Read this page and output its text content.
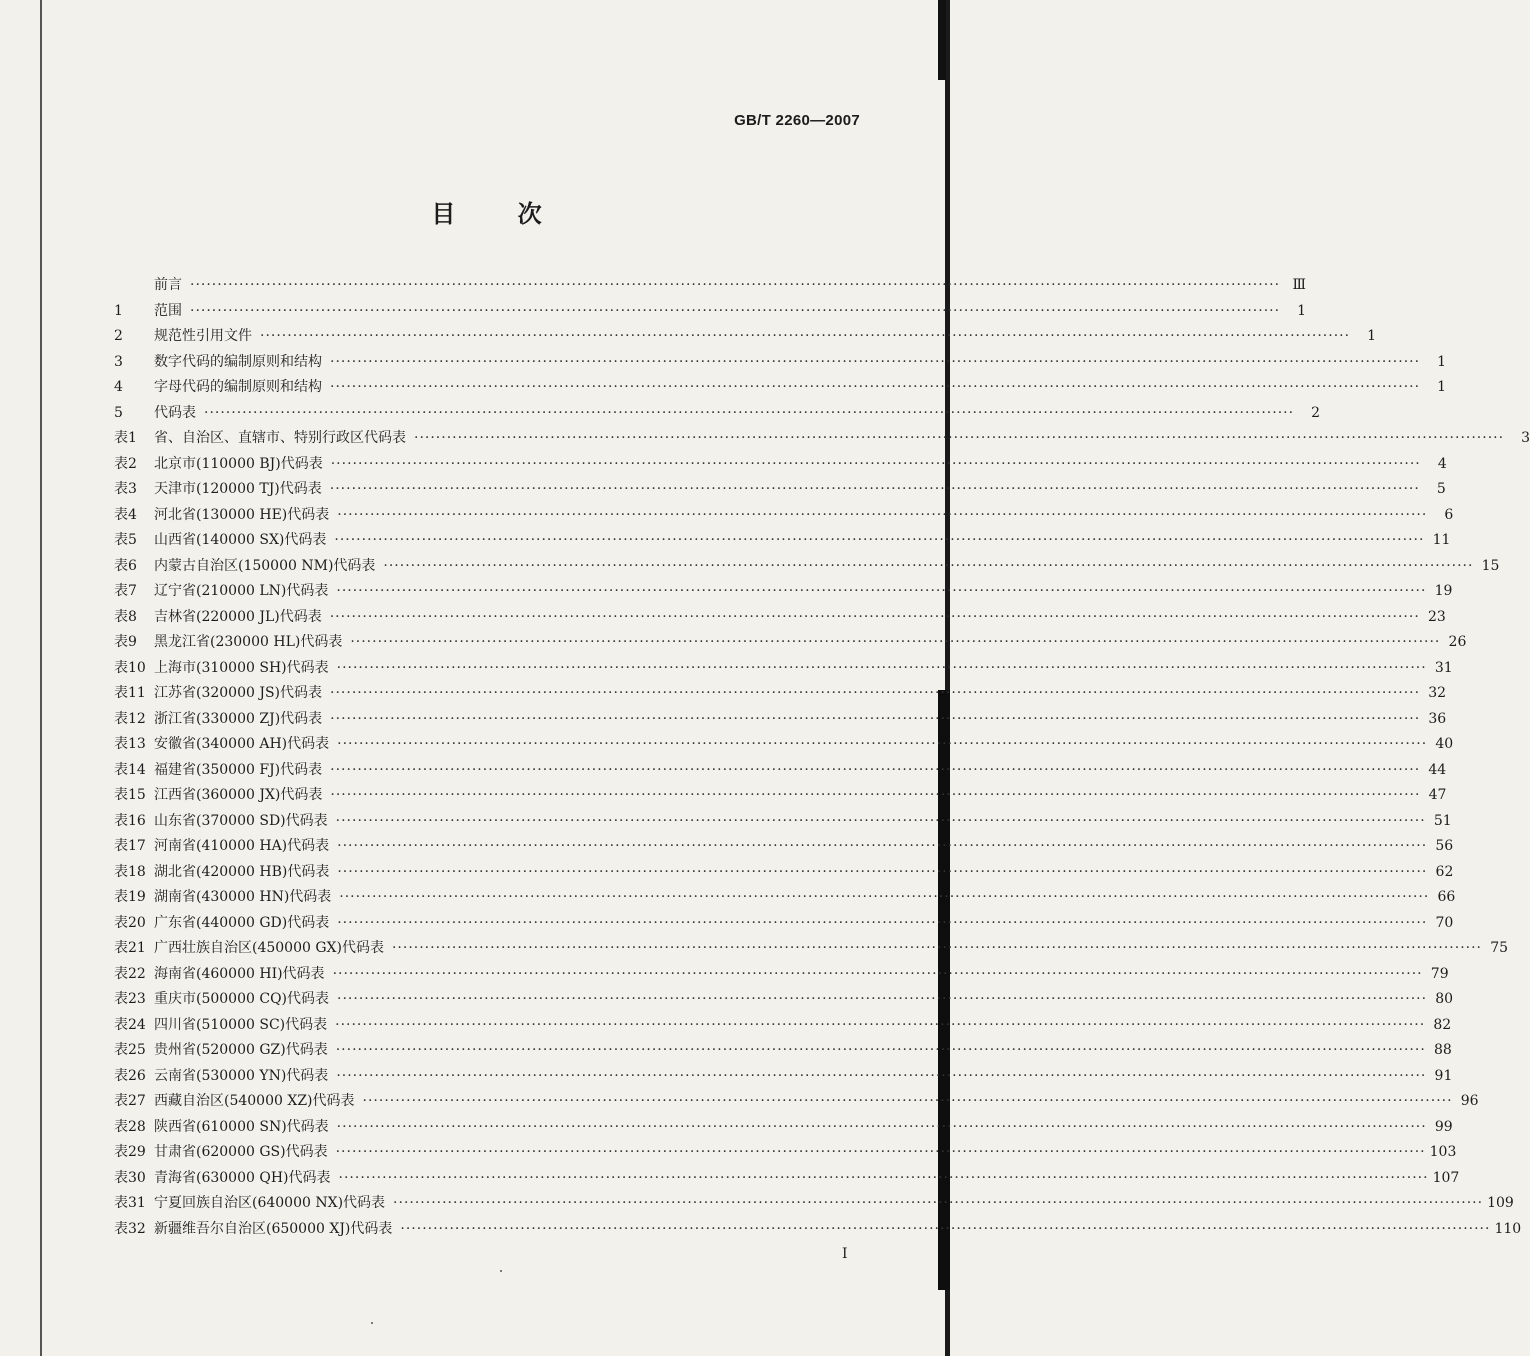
GB/T 2260—2007
目 次
前言 ········································································································································································································ Ⅲ
1	范围 ········································································································································································································	1
2	规范性引用文件 ········································································································································································································	1
3	数字代码的编制原则和结构 ········································································································································································································	1
4	字母代码的编制原则和结构 ········································································································································································································	1
5	代码表 ········································································································································································································	2
表1	省、自治区、直辖市、特别行政区代码表 ········································································································································································································	3
表2	北京市(110000 BJ)代码表 ········································································································································································································	4
表3	天津市(120000 TJ)代码表 ········································································································································································································	5
表4	河北省(130000 HE)代码表 ········································································································································································································	6
表5	山西省(140000 SX)代码表 ········································································································································································································ 11
表6	内蒙古自治区(150000 NM)代码表 ········································································································································································································ 15
表7	辽宁省(210000 LN)代码表 ········································································································································································································ 19
表8	吉林省(220000 JL)代码表 ········································································································································································································ 23
表9	黑龙江省(230000 HL)代码表 ········································································································································································································ 26
表10 上海市(310000 SH)代码表 ········································································································································································································ 31
表11 江苏省(320000 JS)代码表 ········································································································································································································ 32
表12 浙江省(330000 ZJ)代码表 ········································································································································································································ 36
表13 安徽省(340000 AH)代码表 ········································································································································································································ 40
表14 福建省(350000 FJ)代码表 ········································································································································································································ 44
表15 江西省(360000 JX)代码表 ········································································································································································································ 47
表16 山东省(370000 SD)代码表 ········································································································································································································ 51
表17 河南省(410000 HA)代码表 ········································································································································································································ 56
表18 湖北省(420000 HB)代码表 ········································································································································································································ 62
表19 湖南省(430000 HN)代码表 ········································································································································································································ 66
表20 广东省(440000 GD)代码表 ········································································································································································································ 70
表21 广西壮族自治区(450000 GX)代码表 ········································································································································································································ 75
表22 海南省(460000 HI)代码表 ········································································································································································································ 79
表23 重庆市(500000 CQ)代码表 ········································································································································································································ 80
表24 四川省(510000 SC)代码表 ········································································································································································································ 82
表25 贵州省(520000 GZ)代码表 ········································································································································································································ 88
表26 云南省(530000 YN)代码表 ········································································································································································································ 91
表27 西藏自治区(540000 XZ)代码表 ········································································································································································································ 96
表28 陕西省(610000 SN)代码表 ········································································································································································································ 99
表29 甘肃省(620000 GS)代码表 ········································································································································································································ 103
表30 青海省(630000 QH)代码表 ········································································································································································································ 107
表31 宁夏回族自治区(640000 NX)代码表 ········································································································································································································ 109
表32 新疆维吾尔自治区(650000 XJ)代码表 ········································································································································································································ 110
I
